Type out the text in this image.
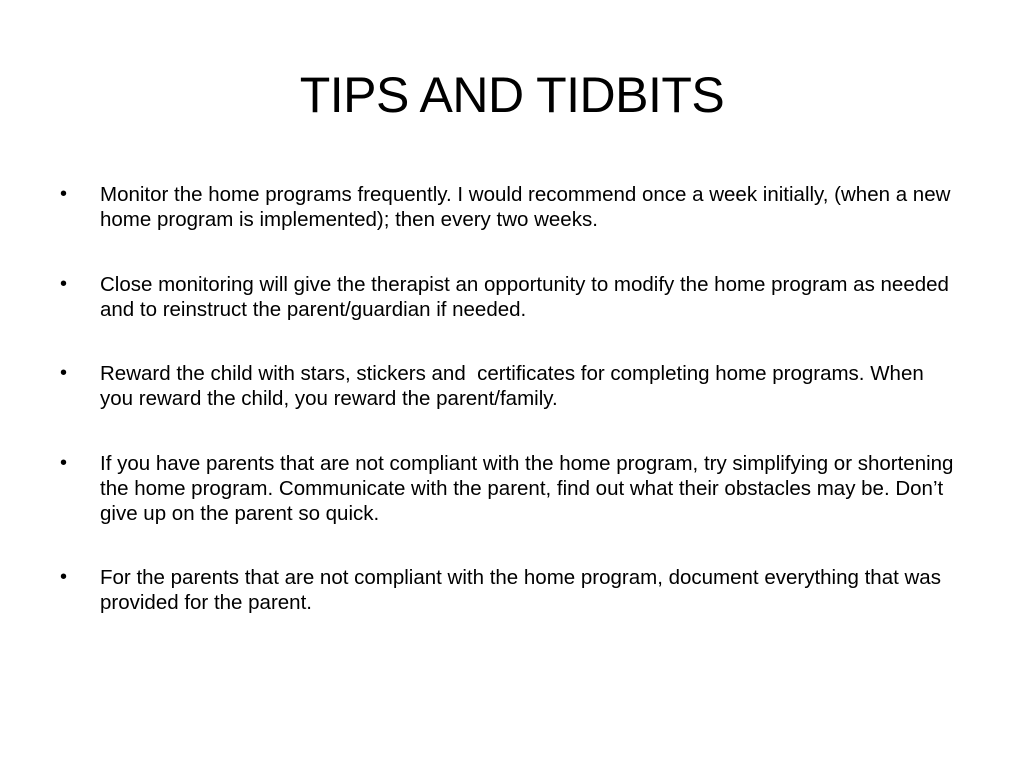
TIPS AND TIDBITS
•	Monitor the home programs frequently. I would recommend once a week initially, (when a new home program is implemented); then every two weeks.
•	Close monitoring will give the therapist an opportunity to modify the home program as needed and to reinstruct the parent/guardian if needed.
•	Reward the child with stars, stickers and  certificates for completing home programs. When you reward the child, you reward the parent/family.
•	If you have parents that are not compliant with the home program, try simplifying or shortening the home program. Communicate with the parent, find out what their obstacles may be. Don’t give up on the parent so quick.
•	For the parents that are not compliant with the home program, document everything that was provided for the parent.
